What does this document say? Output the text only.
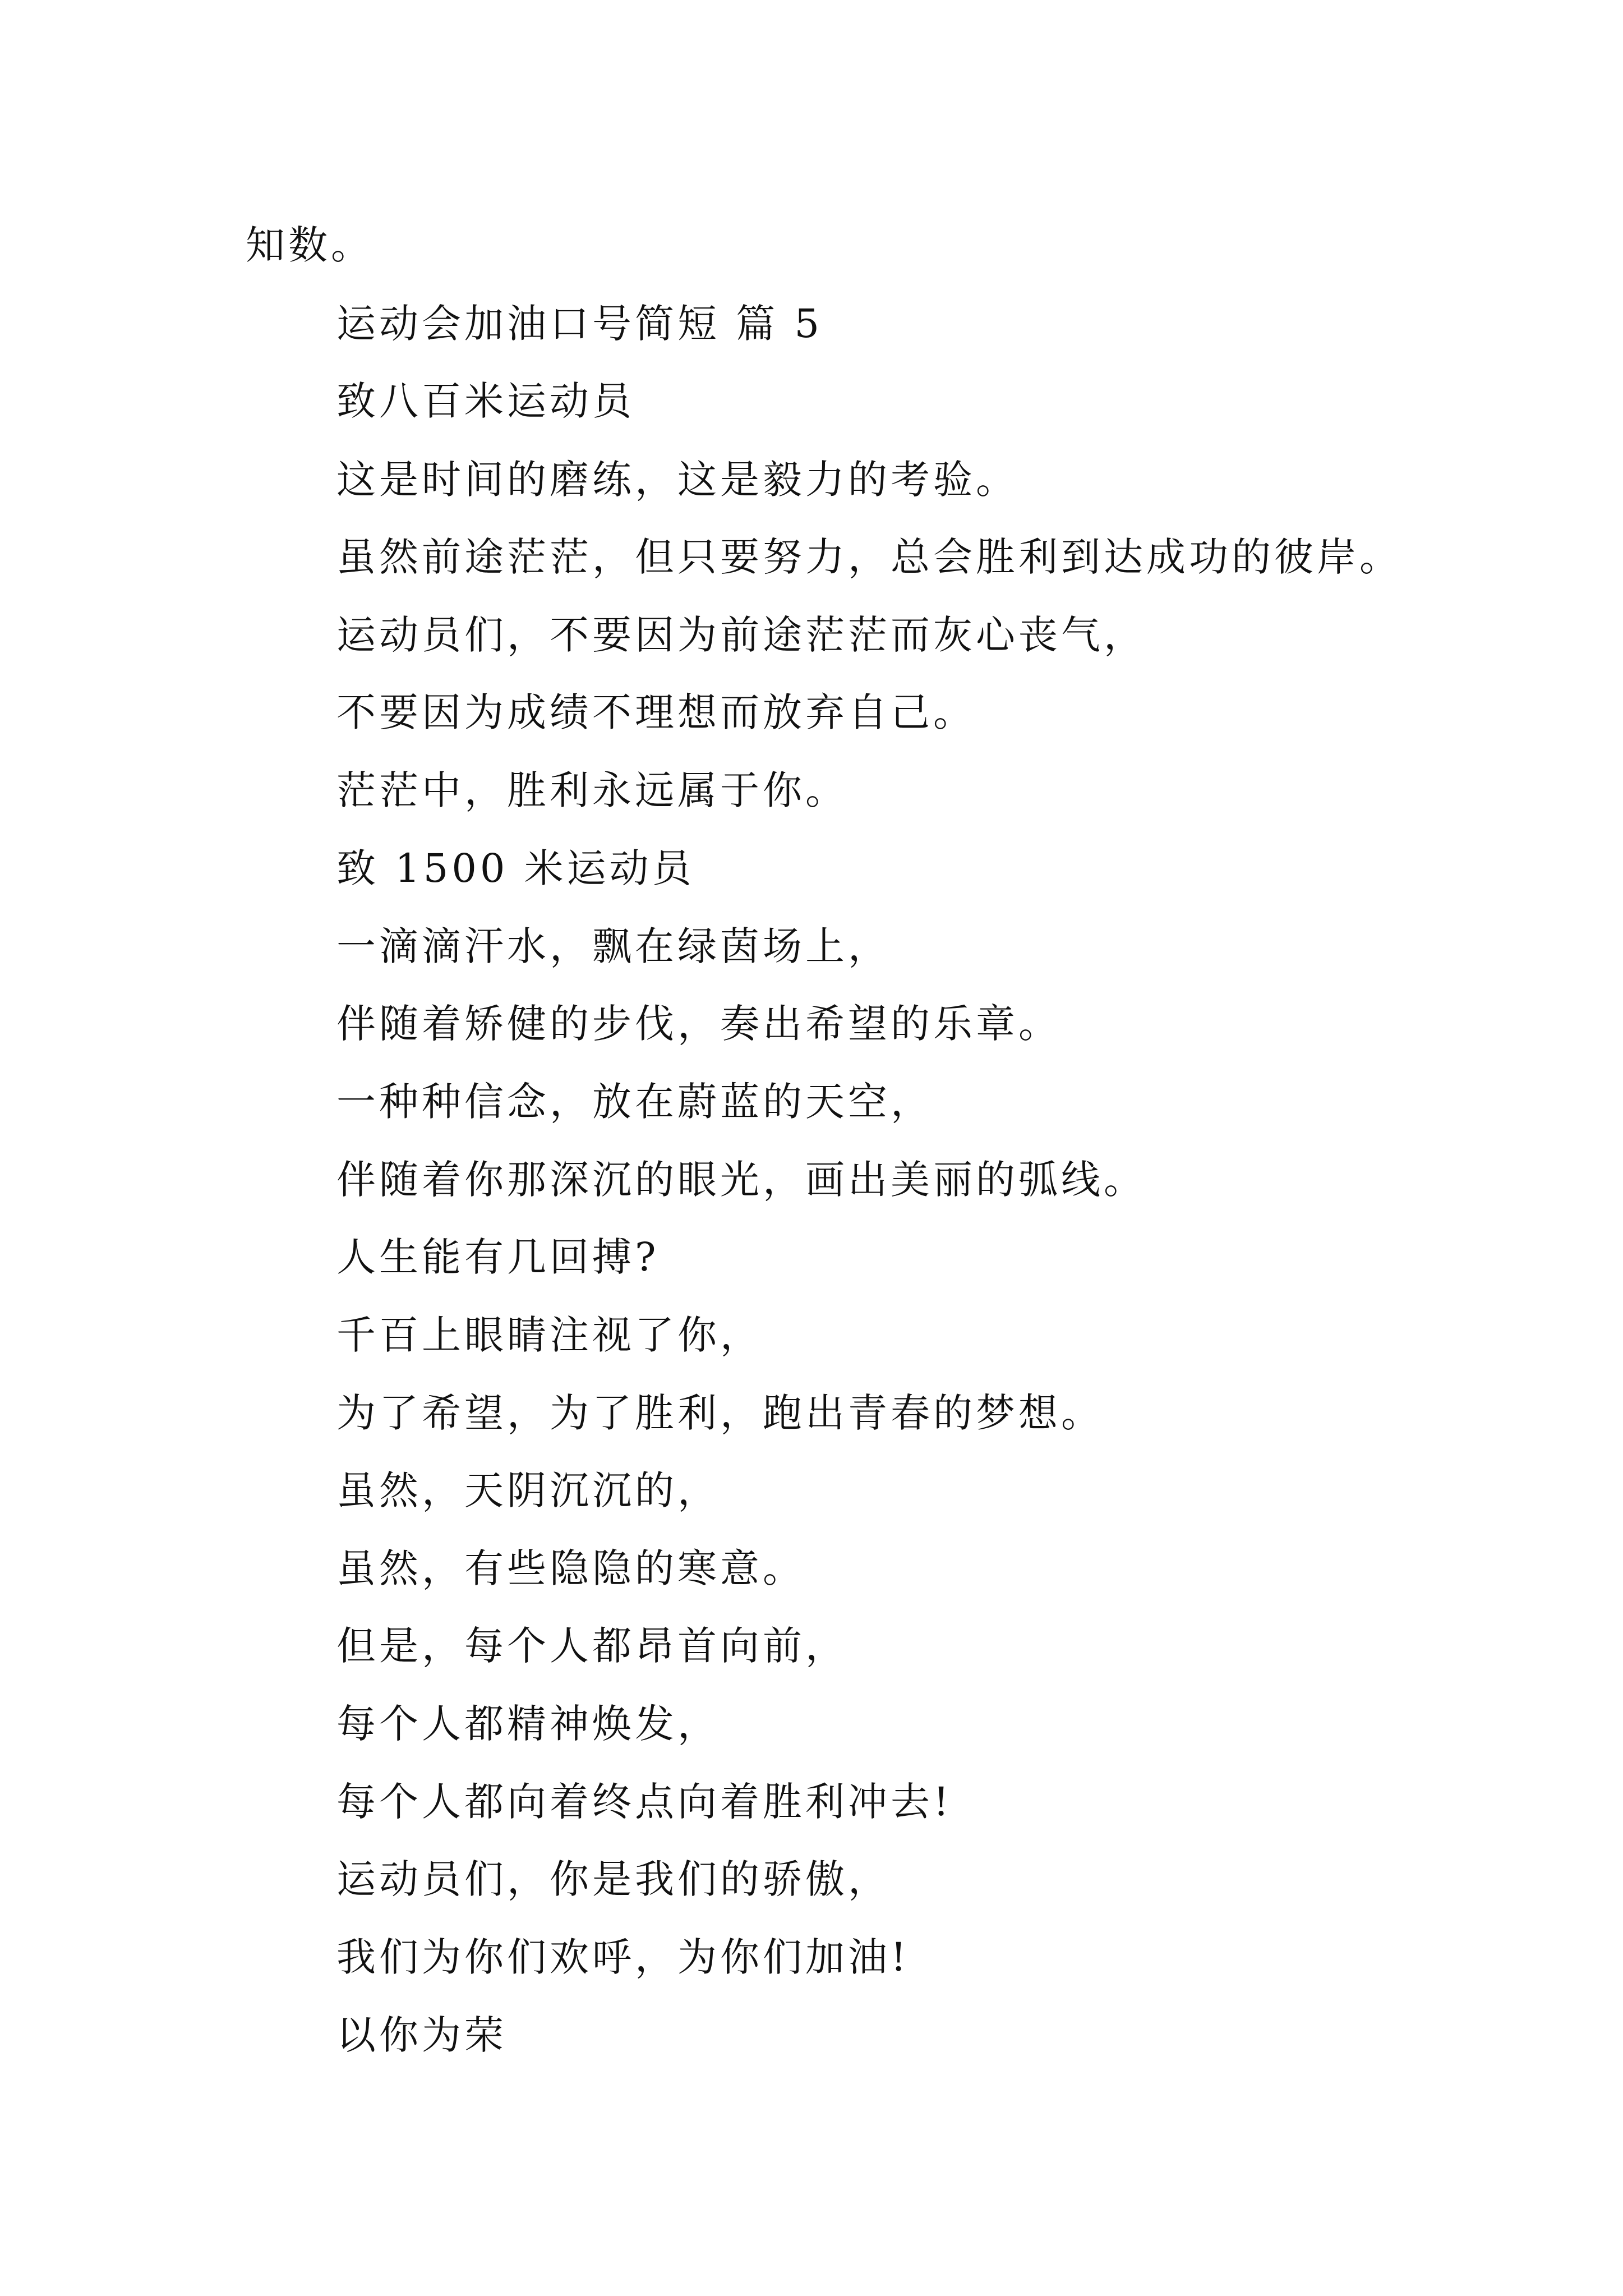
知数。
运动会加油口号简短 篇 5
致八百米运动员
这是时间的磨练，这是毅力的考验。
虽然前途茫茫，但只要努力，总会胜利到达成功的彼岸。
运动员们，不要因为前途茫茫而灰心丧气，
不要因为成绩不理想而放弃自己。
茫茫中，胜利永远属于你。
致 1500 米运动员
一滴滴汗水，飘在绿茵场上，
伴随着矫健的步伐，奏出希望的乐章。
一种种信念，放在蔚蓝的天空，
伴随着你那深沉的眼光，画出美丽的弧线。
人生能有几回搏?
千百上眼睛注视了你，
为了希望，为了胜利，跑出青春的梦想。
虽然，天阴沉沉的，
虽然，有些隐隐的寒意。
但是，每个人都昂首向前，
每个人都精神焕发，
每个人都向着终点向着胜利冲去!
运动员们，你是我们的骄傲，
我们为你们欢呼，为你们加油!
以你为荣
